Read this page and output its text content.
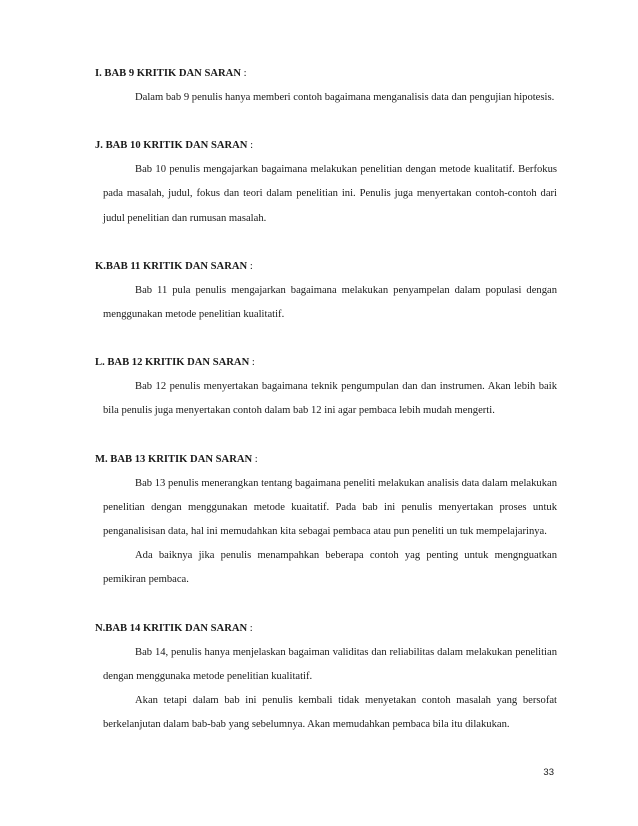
I. BAB 9 KRITIK DAN SARAN :

Dalam bab 9 penulis hanya memberi contoh bagaimana menganalisis data dan pengujian hipotesis.

J. BAB 10 KRITIK DAN SARAN :

Bab 10 penulis mengajarkan bagaimana melakukan penelitian dengan metode kualitatif. Berfokus pada masalah, judul, fokus dan teori dalam penelitian ini. Penulis juga menyertakan contoh-contoh dari judul penelitian dan rumusan masalah.

K.BAB 11 KRITIK DAN SARAN :

Bab 11 pula penulis mengajarkan bagaimana melakukan penyampelan dalam populasi dengan menggunakan metode penelitian kualitatif.

L. BAB 12 KRITIK DAN SARAN :

Bab 12 penulis menyertakan bagaimana teknik pengumpulan dan dan instrumen. Akan lebih baik bila penulis juga menyertakan contoh dalam bab 12 ini agar pembaca lebih mudah mengerti.

M. BAB 13 KRITIK DAN SARAN :

Bab 13 penulis menerangkan tentang bagaimana peneliti melakukan analisis data dalam melakukan penelitian dengan menggunakan metode kuaitatif. Pada bab ini penulis menyertakan proses untuk penganalisisan data, hal ini memudahkan kita sebagai pembaca atau pun peneliti un tuk mempelajarinya.

Ada baiknya jika penulis menampahkan beberapa contoh yag penting untuk mengnguatkan pemikiran pembaca.

N.BAB 14 KRITIK DAN SARAN :

Bab 14, penulis hanya menjelaskan bagaiman validitas dan reliabilitas dalam melakukan penelitian dengan menggunaka metode penelitian kualitatif.

Akan tetapi dalam bab ini penulis kembali tidak menyetakan contoh masalah yang bersofat berkelanjutan dalam bab-bab yang sebelumnya. Akan memudahkan pembaca bila itu dilakukan.

33
